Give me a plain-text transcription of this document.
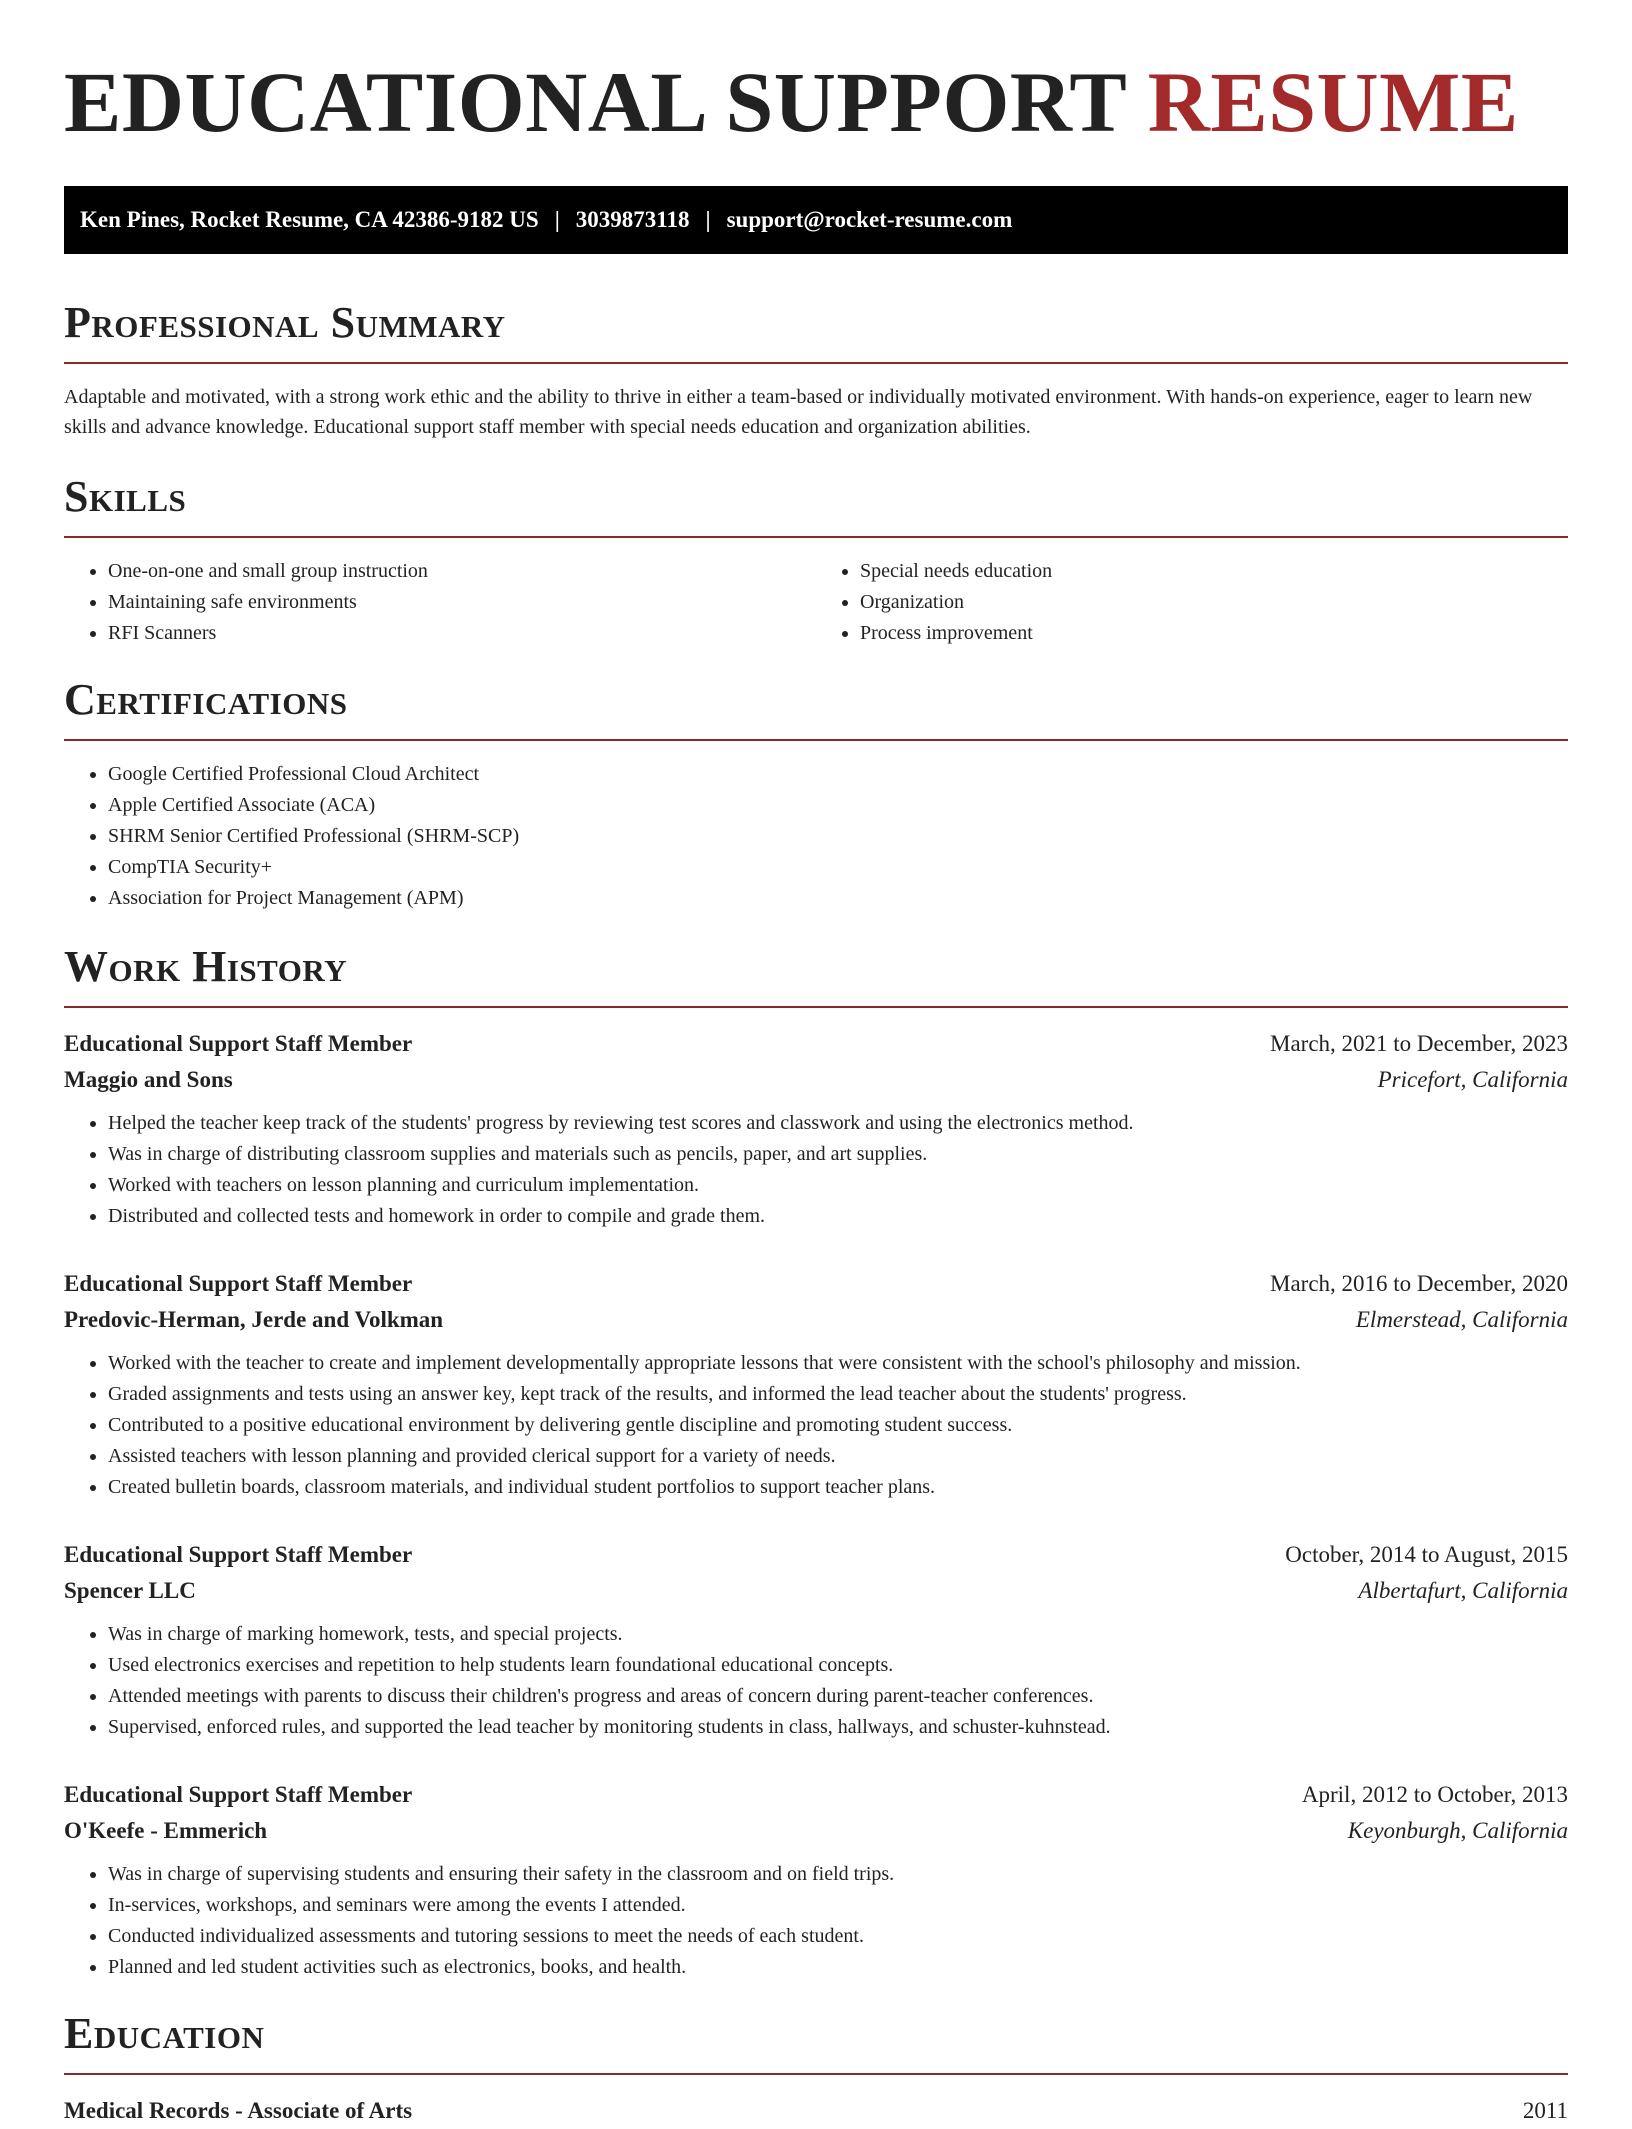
EDUCATIONAL SUPPORT RESUME
Ken Pines, Rocket Resume, CA 42386-9182 US | 3039873118 | support@rocket-resume.com
Professional Summary

Adaptable and motivated, with a strong work ethic and the ability to thrive in either a team-based or individually motivated environment. With hands-on experience, eager to learn new skills and advance knowledge. Educational support staff member with special needs education and organization abilities.

Skills
• One-on-one and small group instruction
• Maintaining safe environments
• RFI Scanners
• Special needs education
• Organization
• Process improvement
Certifications
• Google Certified Professional Cloud Architect
• Apple Certified Associate (ACA)
• SHRM Senior Certified Professional (SHRM-SCP)
• CompTIA Security+
• Association for Project Management (APM)
Work History
Educational Support Staff Member	March, 2021 to December, 2023
Maggio and Sons	Pricefort, California
• Helped the teacher keep track of the students' progress by reviewing test scores and classwork and using the electronics method.
• Was in charge of distributing classroom supplies and materials such as pencils, paper, and art supplies.
• Worked with teachers on lesson planning and curriculum implementation.
• Distributed and collected tests and homework in order to compile and grade them.
Educational Support Staff Member	March, 2016 to December, 2020
Predovic-Herman, Jerde and Volkman	Elmerstead, California
• Worked with the teacher to create and implement developmentally appropriate lessons that were consistent with the school's philosophy and mission.
• Graded assignments and tests using an answer key, kept track of the results, and informed the lead teacher about the students' progress.
• Contributed to a positive educational environment by delivering gentle discipline and promoting student success.
• Assisted teachers with lesson planning and provided clerical support for a variety of needs.
• Created bulletin boards, classroom materials, and individual student portfolios to support teacher plans.
Educational Support Staff Member	October, 2014 to August, 2015
Spencer LLC	Albertafurt, California
• Was in charge of marking homework, tests, and special projects.
• Used electronics exercises and repetition to help students learn foundational educational concepts.
• Attended meetings with parents to discuss their children's progress and areas of concern during parent-teacher conferences.
• Supervised, enforced rules, and supported the lead teacher by monitoring students in class, hallways, and schuster-kuhnstead.
Educational Support Staff Member	April, 2012 to October, 2013
O'Keefe - Emmerich	Keyonburgh, California
• Was in charge of supervising students and ensuring their safety in the classroom and on field trips.
• In-services, workshops, and seminars were among the events I attended.
• Conducted individualized assessments and tutoring sessions to meet the needs of each student.
• Planned and led student activities such as electronics, books, and health.
Education
Medical Records - Associate of Arts	2011
